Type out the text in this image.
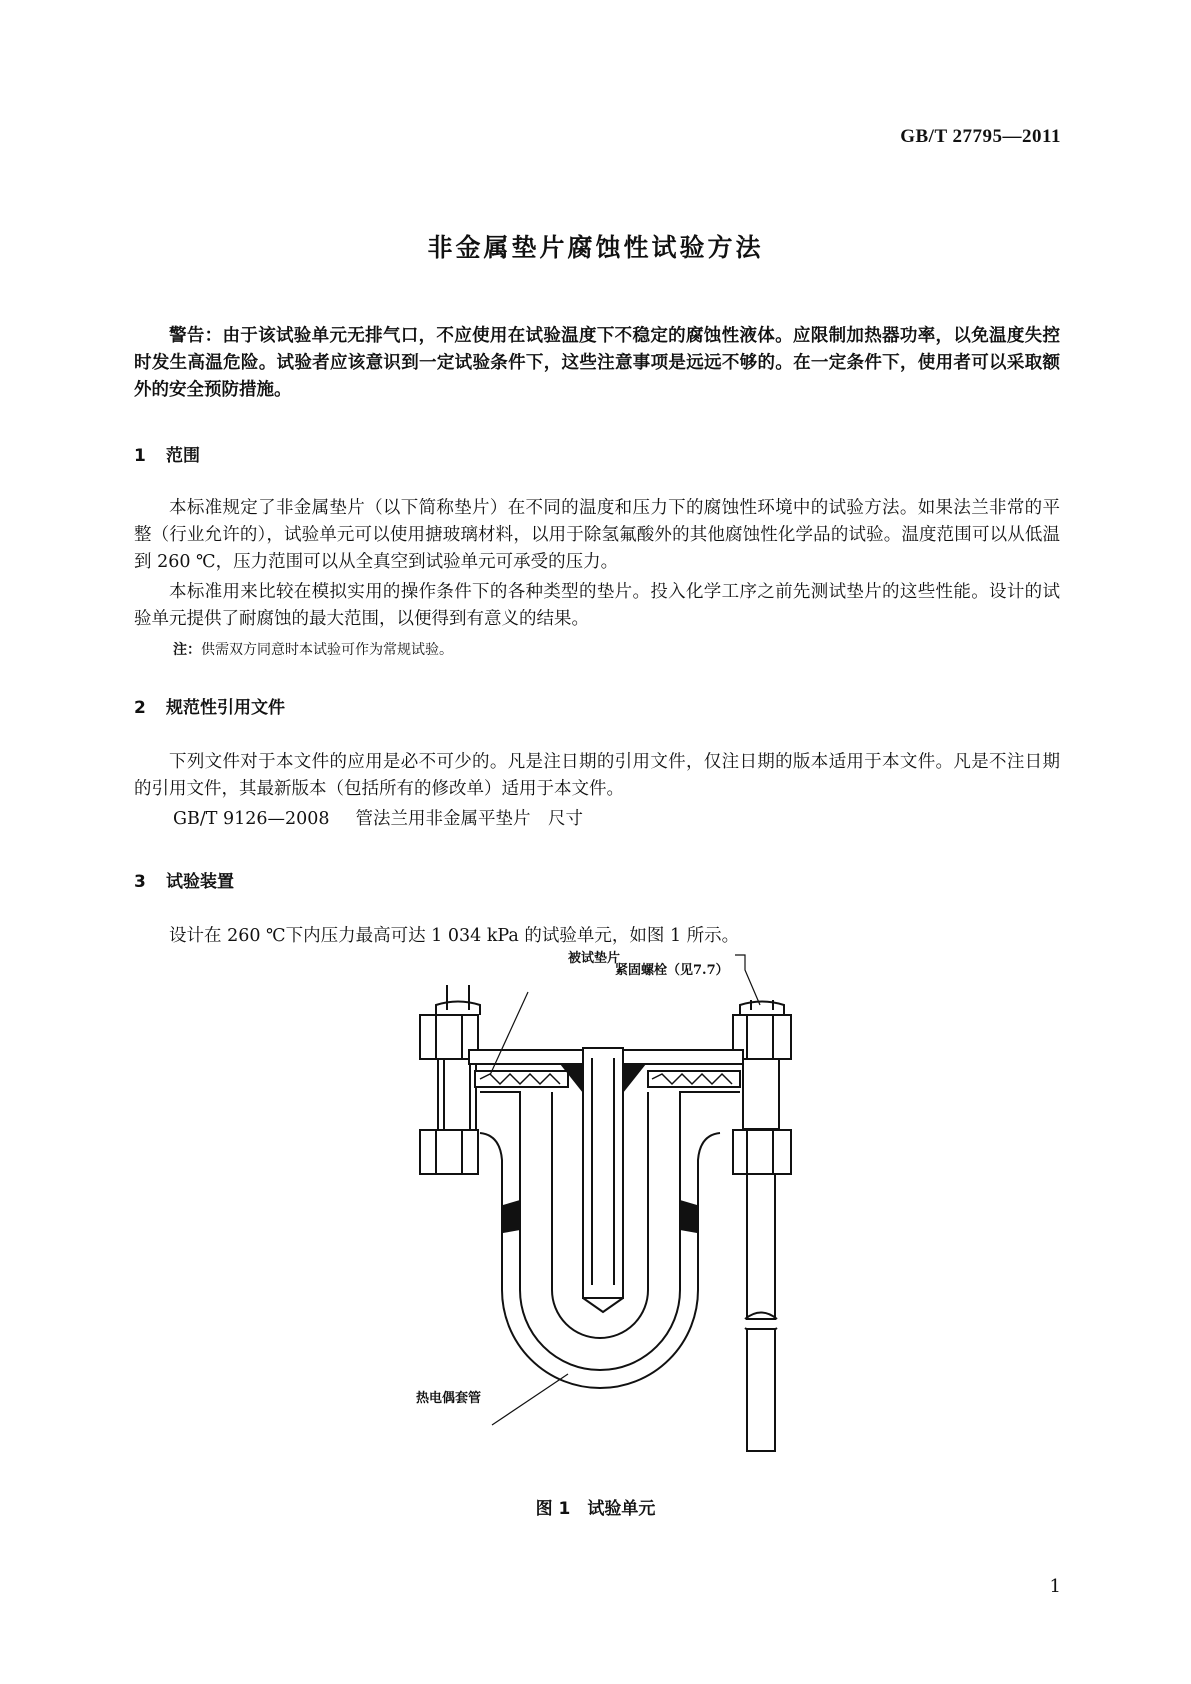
GB/T 27795—2011
非金属垫片腐蚀性试验方法
警告：由于该试验单元无排气口，不应使用在试验温度下不稳定的腐蚀性液体。应限制加热器功率，以免温度失控时发生高温危险。试验者应该意识到一定试验条件下，这些注意事项是远远不够的。在一定条件下，使用者可以采取额外的安全预防措施。
1 范围
本标准规定了非金属垫片（以下简称垫片）在不同的温度和压力下的腐蚀性环境中的试验方法。如果法兰非常的平整（行业允许的），试验单元可以使用搪玻璃材料，以用于除氢氟酸外的其他腐蚀性化学品的试验。温度范围可以从低温到 260 ℃，压力范围可以从全真空到试验单元可承受的压力。
本标准用来比较在模拟实用的操作条件下的各种类型的垫片。投入化学工序之前先测试垫片的这些性能。设计的试验单元提供了耐腐蚀的最大范围，以便得到有意义的结果。
注：供需双方同意时本试验可作为常规试验。
2 规范性引用文件
下列文件对于本文件的应用是必不可少的。凡是注日期的引用文件，仅注日期的版本适用于本文件。凡是不注日期的引用文件，其最新版本（包括所有的修改单）适用于本文件。
GB/T 9126—2008 管法兰用非金属平垫片　尺寸
3 试验装置
设计在 260 ℃下内压力最高可达 1 034 kPa 的试验单元，如图 1 所示。
被试垫片
紧固螺栓（见7.7）
热电偶套管
图 1　试验单元
1
